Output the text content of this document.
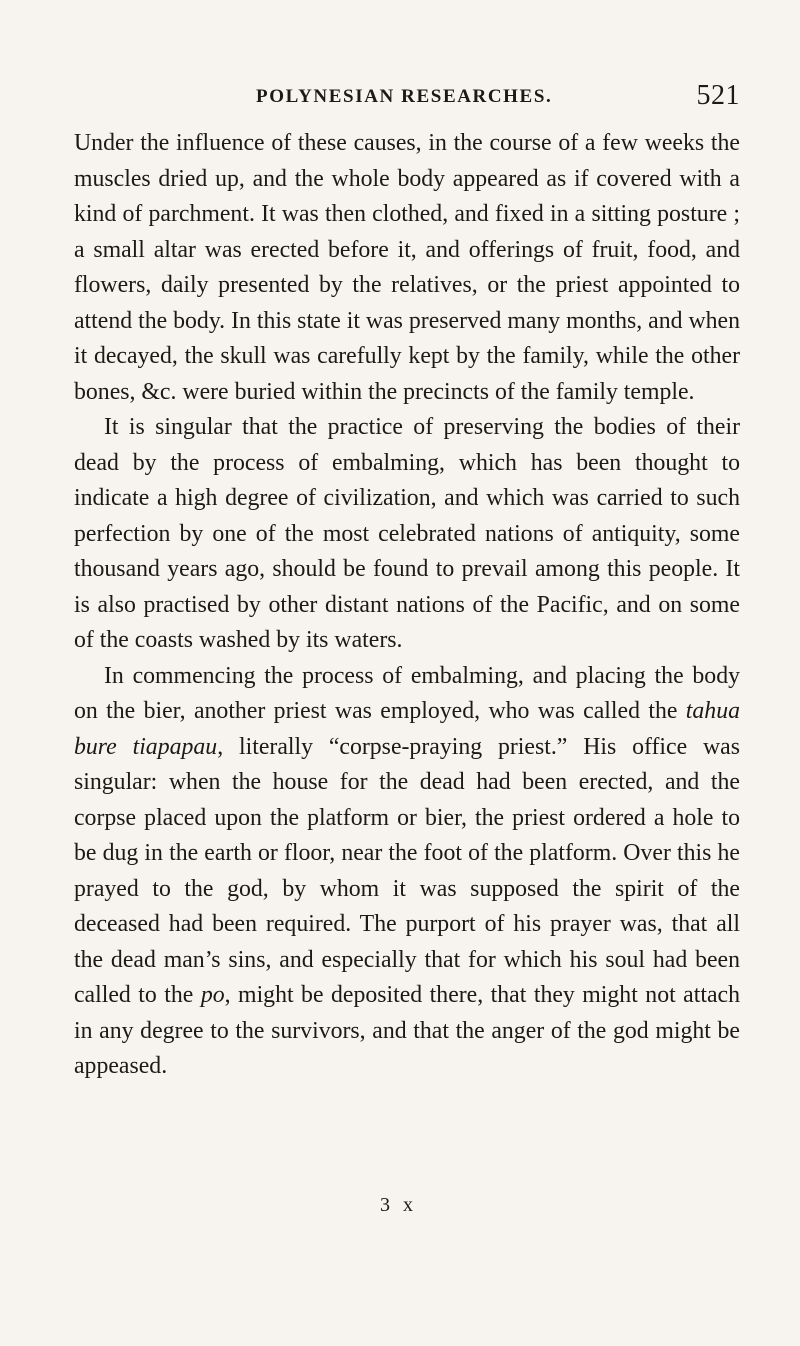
POLYNESIAN RESEARCHES.	521

Under the influence of these causes, in the course of a few weeks the muscles dried up, and the whole body appeared as if covered with a kind of parchment. It was then clothed, and fixed in a sitting posture ; a small altar was erected before it, and offerings of fruit, food, and flowers, daily presented by the relatives, or the priest appointed to attend the body. In this state it was preserved many months, and when it decayed, the skull was carefully kept by the family, while the other bones, &c. were buried within the precincts of the family temple.

It is singular that the practice of preserving the bodies of their dead by the process of embalming, which has been thought to indicate a high degree of civilization, and which was carried to such perfection by one of the most celebrated nations of antiquity, some thousand years ago, should be found to prevail among this people. It is also practised by other distant nations of the Pacific, and on some of the coasts washed by its waters.

In commencing the process of embalming, and placing the body on the bier, another priest was employed, who was called the tahua bure tiapapau, literally “corpse-praying priest.” His office was singular: when the house for the dead had been erected, and the corpse placed upon the platform or bier, the priest ordered a hole to be dug in the earth or floor, near the foot of the platform. Over this he prayed to the god, by whom it was supposed the spirit of the deceased had been required. The purport of his prayer was, that all the dead man’s sins, and especially that for which his soul had been called to the po, might be deposited there, that they might not attach in any degree to the survivors, and that the anger of the god might be appeased.

3 x
